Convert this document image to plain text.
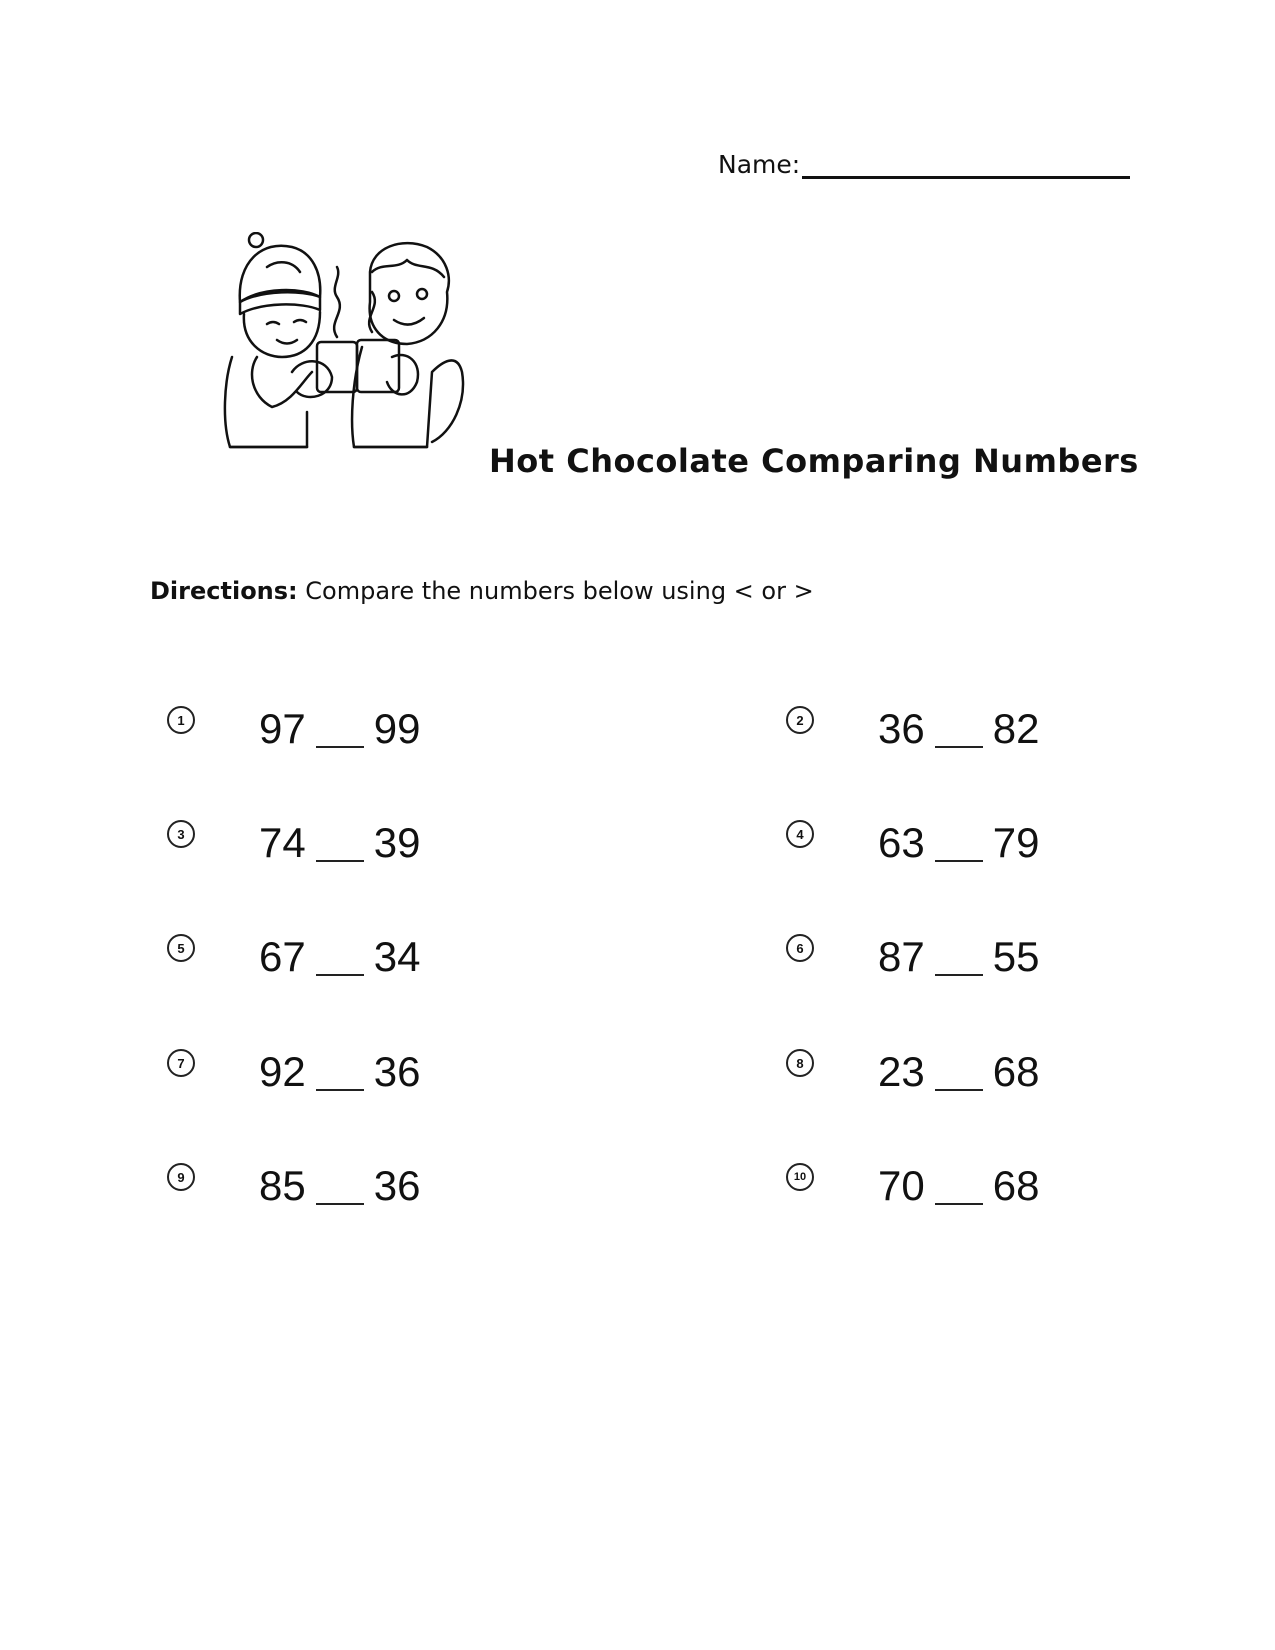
Name:
Hot Chocolate Comparing Numbers
Directions: Compare the numbers below using < or >
1 97 99	2 36 82
3 74 39	4 63 79
5 67 34	6 87 55
7 92 36	8 23 68
9 85 36	10 70 68
